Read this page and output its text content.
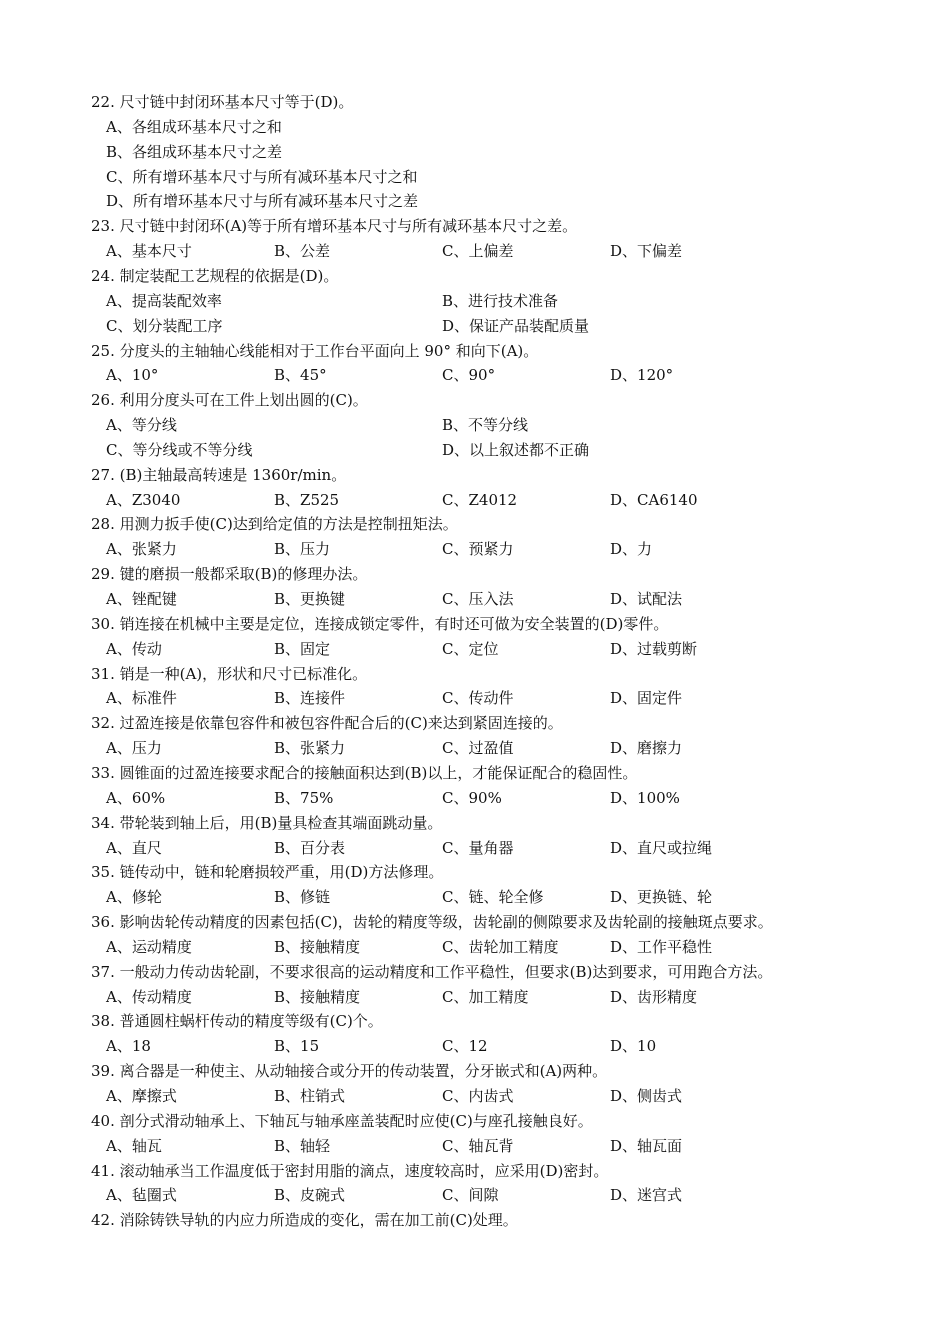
22. 尺寸链中封闭环基本尺寸等于(D)。
A、各组成环基本尺寸之和
B、各组成环基本尺寸之差
C、所有增环基本尺寸与所有减环基本尺寸之和
D、所有增环基本尺寸与所有减环基本尺寸之差
23. 尺寸链中封闭环(A)等于所有增环基本尺寸与所有减环基本尺寸之差。
A、基本尺寸	B、公差	C、上偏差	D、下偏差
24. 制定装配工艺规程的依据是(D)。
A、提高装配效率	B、进行技术准备
C、划分装配工序	D、保证产品装配质量
25. 分度头的主轴轴心线能相对于工作台平面向上 90° 和向下(A)。
A、10°	B、45°	C、90°	D、120°
26. 利用分度头可在工件上划出圆的(C)。
A、等分线	B、不等分线
C、等分线或不等分线	D、以上叙述都不正确
27. (B)主轴最高转速是 1360r/min。
A、Z3040	B、Z525	C、Z4012	D、CA6140
28. 用测力扳手使(C)达到给定值的方法是控制扭矩法。
A、张紧力	B、压力	C、预紧力	D、力
29. 键的磨损一般都采取(B)的修理办法。
A、锉配键	B、更换键	C、压入法	D、试配法
30. 销连接在机械中主要是定位，连接成锁定零件，有时还可做为安全装置的(D)零件。
A、传动	B、固定	C、定位	D、过载剪断
31. 销是一种(A)，形状和尺寸已标准化。
A、标准件	B、连接件	C、传动件	D、固定件
32. 过盈连接是依靠包容件和被包容件配合后的(C)来达到紧固连接的。
A、压力	B、张紧力	C、过盈值	D、磨擦力
33. 圆锥面的过盈连接要求配合的接触面积达到(B)以上，才能保证配合的稳固性。
A、60%	B、75%	C、90%	D、100%
34. 带轮装到轴上后，用(B)量具检查其端面跳动量。
A、直尺	B、百分表	C、量角器	D、直尺或拉绳
35. 链传动中，链和轮磨损较严重，用(D)方法修理。
A、修轮	B、修链	C、链、轮全修	D、更换链、轮
36. 影响齿轮传动精度的因素包括(C)，齿轮的精度等级，齿轮副的侧隙要求及齿轮副的接触斑点要求。
A、运动精度	B、接触精度	C、齿轮加工精度	D、工作平稳性
37. 一般动力传动齿轮副，不要求很高的运动精度和工作平稳性，但要求(B)达到要求，可用跑合方法。
A、传动精度	B、接触精度	C、加工精度	D、齿形精度
38. 普通圆柱蜗杆传动的精度等级有(C)个。
A、18	B、15	C、12	D、10
39. 离合器是一种使主、从动轴接合或分开的传动装置，分牙嵌式和(A)两种。
A、摩擦式	B、柱销式	C、内齿式	D、侧齿式
40. 剖分式滑动轴承上、下轴瓦与轴承座盖装配时应使(C)与座孔接触良好。
A、轴瓦	B、轴轻	C、轴瓦背	D、轴瓦面
41. 滚动轴承当工作温度低于密封用脂的滴点，速度较高时，应采用(D)密封。
A、毡圈式	B、皮碗式	C、间隙	D、迷宫式
42. 消除铸铁导轨的内应力所造成的变化，需在加工前(C)处理。
